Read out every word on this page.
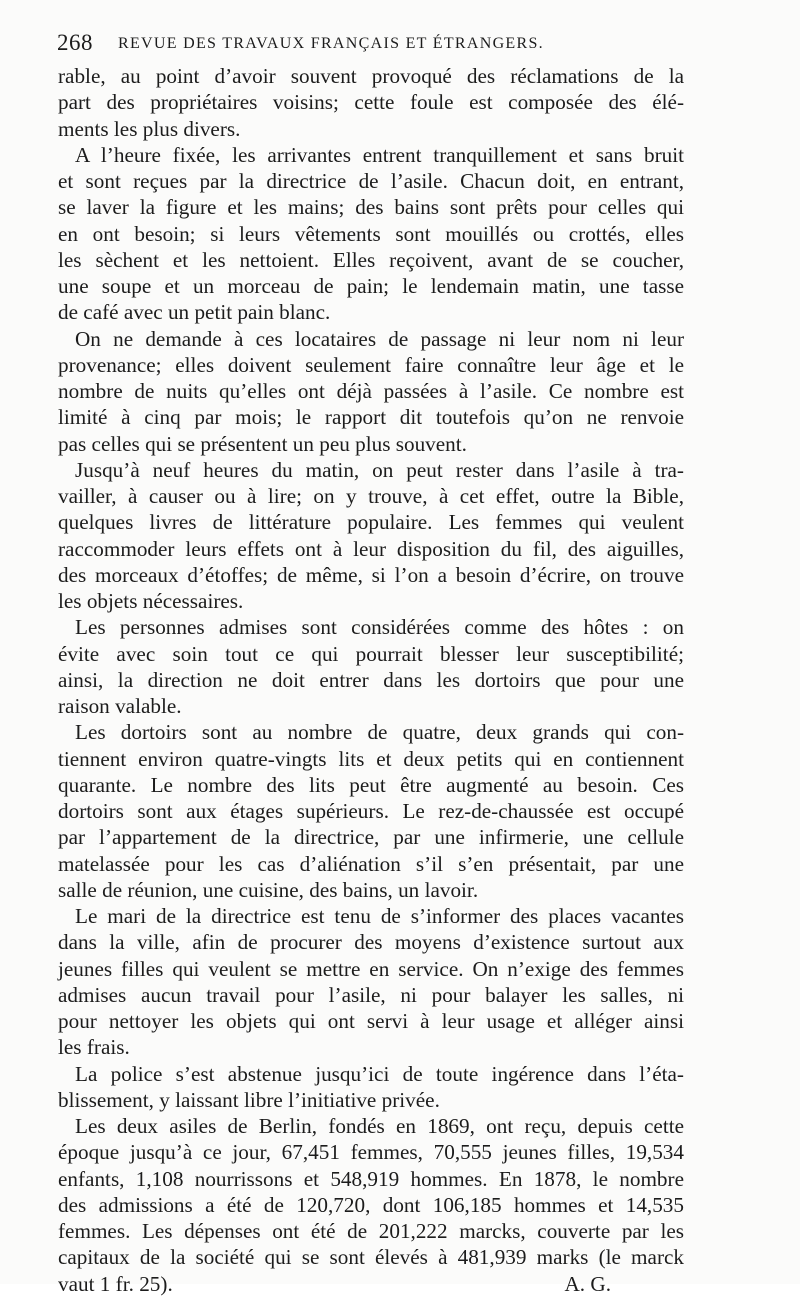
268 REVUE DES TRAVAUX FRANÇAIS ET ÉTRANGERS.
rable, au point d’avoir souvent provoqué des réclamations de la
part des propriétaires voisins; cette foule est composée des élé-
ments les plus divers.
A l’heure fixée, les arrivantes entrent tranquillement et sans bruit
et sont reçues par la directrice de l’asile. Chacun doit, en entrant,
se laver la figure et les mains; des bains sont prêts pour celles qui
en ont besoin; si leurs vêtements sont mouillés ou crottés, elles
les sèchent et les nettoient. Elles reçoivent, avant de se coucher,
une soupe et un morceau de pain; le lendemain matin, une tasse
de café avec un petit pain blanc.
On ne demande à ces locataires de passage ni leur nom ni leur
provenance; elles doivent seulement faire connaître leur âge et le
nombre de nuits qu’elles ont déjà passées à l’asile. Ce nombre est
limité à cinq par mois; le rapport dit toutefois qu’on ne renvoie
pas celles qui se présentent un peu plus souvent.
Jusqu’à neuf heures du matin, on peut rester dans l’asile à tra-
vailler, à causer ou à lire; on y trouve, à cet effet, outre la Bible,
quelques livres de littérature populaire. Les femmes qui veulent
raccommoder leurs effets ont à leur disposition du fil, des aiguilles,
des morceaux d’étoffes; de même, si l’on a besoin d’écrire, on trouve
les objets nécessaires.
Les personnes admises sont considérées comme des hôtes : on
évite avec soin tout ce qui pourrait blesser leur susceptibilité;
ainsi, la direction ne doit entrer dans les dortoirs que pour une
raison valable.
Les dortoirs sont au nombre de quatre, deux grands qui con-
tiennent environ quatre-vingts lits et deux petits qui en contiennent
quarante. Le nombre des lits peut être augmenté au besoin. Ces
dortoirs sont aux étages supérieurs. Le rez-de-chaussée est occupé
par l’appartement de la directrice, par une infirmerie, une cellule
matelassée pour les cas d’aliénation s’il s’en présentait, par une
salle de réunion, une cuisine, des bains, un lavoir.
Le mari de la directrice est tenu de s’informer des places vacantes
dans la ville, afin de procurer des moyens d’existence surtout aux
jeunes filles qui veulent se mettre en service. On n’exige des femmes
admises aucun travail pour l’asile, ni pour balayer les salles, ni
pour nettoyer les objets qui ont servi à leur usage et alléger ainsi
les frais.
La police s’est abstenue jusqu’ici de toute ingérence dans l’éta-
blissement, y laissant libre l’initiative privée.
Les deux asiles de Berlin, fondés en 1869, ont reçu, depuis cette
époque jusqu’à ce jour, 67,451 femmes, 70,555 jeunes filles, 19,534
enfants, 1,108 nourrissons et 548,919 hommes. En 1878, le nombre
des admissions a été de 120,720, dont 106,185 hommes et 14,535
femmes. Les dépenses ont été de 201,222 marcks, couverte par les
capitaux de la société qui se sont élevés à 481,939 marks (le marck
vaut 1 fr. 25).	A. G.
